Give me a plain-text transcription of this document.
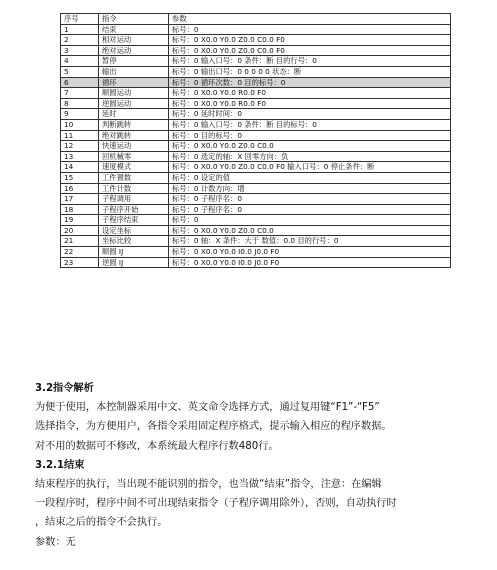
序号	指令	参数
1	结束	标号：0
2	相对运动	标号：0 X0.0 Y0.0 Z0.0 C0.0 F0
3	绝对运动	标号：0 X0.0 Y0.0 Z0.0 C0.0 F0
4	暂停	标号：0 输入口号：0 条件：断 目的行号：0
5	输出	标号：0 输出口号：0 0 0 0 0 状态：断
6	循环	标号：0 循环次数：0 目的标号：0
7	顺圆运动	标号：0 X0.0 Y0.0 R0.0 F0
8	逆圆运动	标号：0 X0.0 Y0.0 R0.0 F0
9	延时	标号：0 延时时间：0
10	判断跳转	标号：0 输入口号：0 条件：断 目的标号：0
11	绝对跳转	标号：0 目的标号：0
12	快速运动	标号：0 X0.0 Y0.0 Z0.0 C0.0
13	回机械零	标号：0 选定的轴：X 回零方向：负
14	速度模式	标号：0 X0.0 Y0.0 Z0.0 C0.0 F0 输入口号：0 停止条件：断
15	工件置数	标号：0 设定的值
16	工件计数	标号：0 计数方向：增
17	子程调用	标号：0 子程序名：0
18	子程序开始	标号：0 子程序名：0
19	子程序结束	标号：0
20	设定坐标	标号：0 X0.0 Y0.0 Z0.0 C0.0
21	坐标比较	标号：0 轴：X 条件：大于 数值：0.0 目的行号：0
22	顺圆 IJ	标号：0 X0.0 Y0.0 I0.0 J0.0 F0
23	逆圆 IJ	标号：0 X0.0 Y0.0 I0.0 J0.0 F0
3.2指令解析
为便于使用，本控制器采用中文、英文命令选择方式，通过复用键“F1”-“F5”
选择指令，为方便用户，各指令采用固定程序格式，提示输入相应的程序数据。
对不用的数据可不修改，本系统最大程序行数480行。
3.2.1结束
结束程序的执行，当出现不能识别的指令，也当做“结束”指令，注意：在编辑
一段程序时，程序中间不可出现结束指令（子程序调用除外），否则，自动执行时
，结束之后的指令不会执行。
参数：无
